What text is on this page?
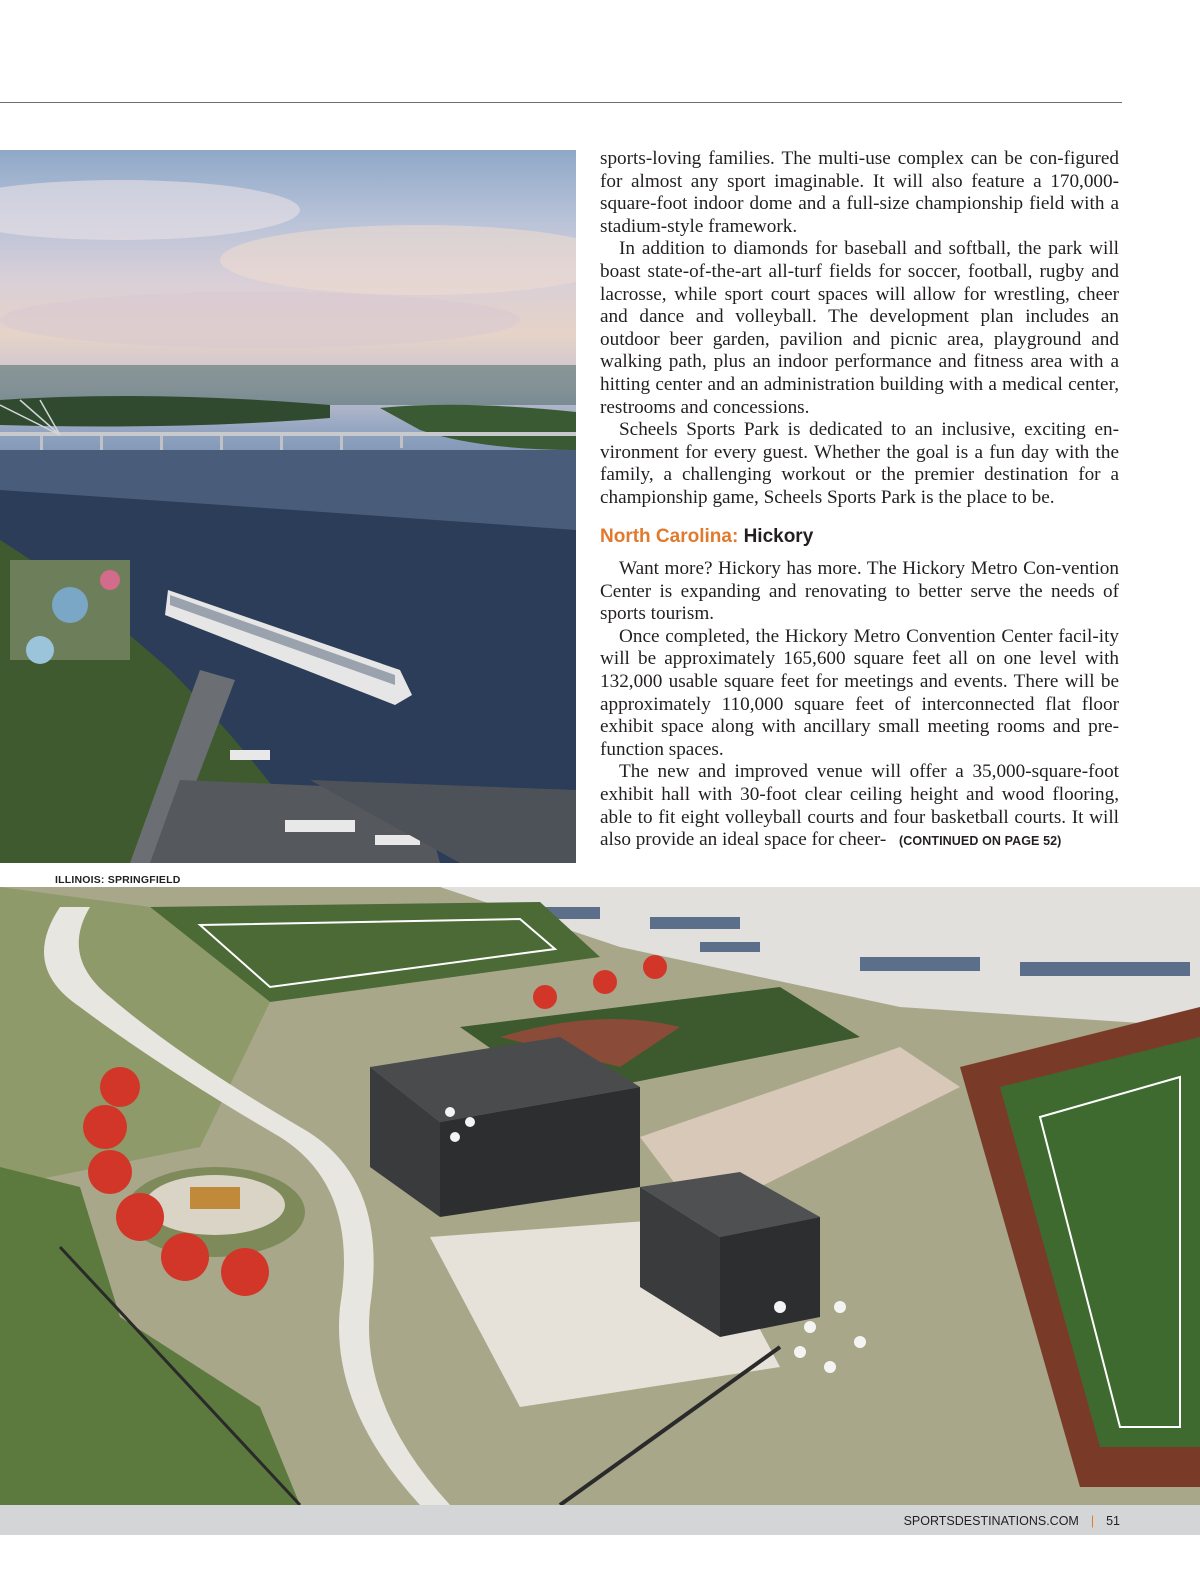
ILLINOIS: SPRINGFIELD

sports-loving families. The multi-use complex can be con-figured for almost any sport imaginable. It will also feature a 170,000-square-foot indoor dome and a full-size championship field with a stadium-style framework.

In addition to diamonds for baseball and softball, the park will boast state-of-the-art all-turf fields for soccer, football, rugby and lacrosse, while sport court spaces will allow for wrestling, cheer and dance and volleyball. The development plan includes an outdoor beer garden, pavilion and picnic area, playground and walking path, plus an indoor performance and fitness area with a hitting center and an administration building with a medical center, restrooms and concessions.

Scheels Sports Park is dedicated to an inclusive, exciting en-vironment for every guest. Whether the goal is a fun day with the family, a challenging workout or the premier destination for a championship game, Scheels Sports Park is the place to be.

North Carolina: Hickory

Want more? Hickory has more. The Hickory Metro Con-vention Center is expanding and renovating to better serve the needs of sports tourism.

Once completed, the Hickory Metro Convention Center facil-ity will be approximately 165,600 square feet all on one level with 132,000 usable square feet for meetings and events. There will be approximately 110,000 square feet of interconnected flat floor exhibit space along with ancillary small meeting rooms and pre-function spaces.

The new and improved venue will offer a 35,000-square-foot exhibit hall with 30-foot clear ceiling height and wood flooring, able to fit eight volleyball courts and four basketball courts. It will also provide an ideal space for cheer- (CONTINUED ON PAGE 52)

SPORTSDESTINATIONS.COM | 51
